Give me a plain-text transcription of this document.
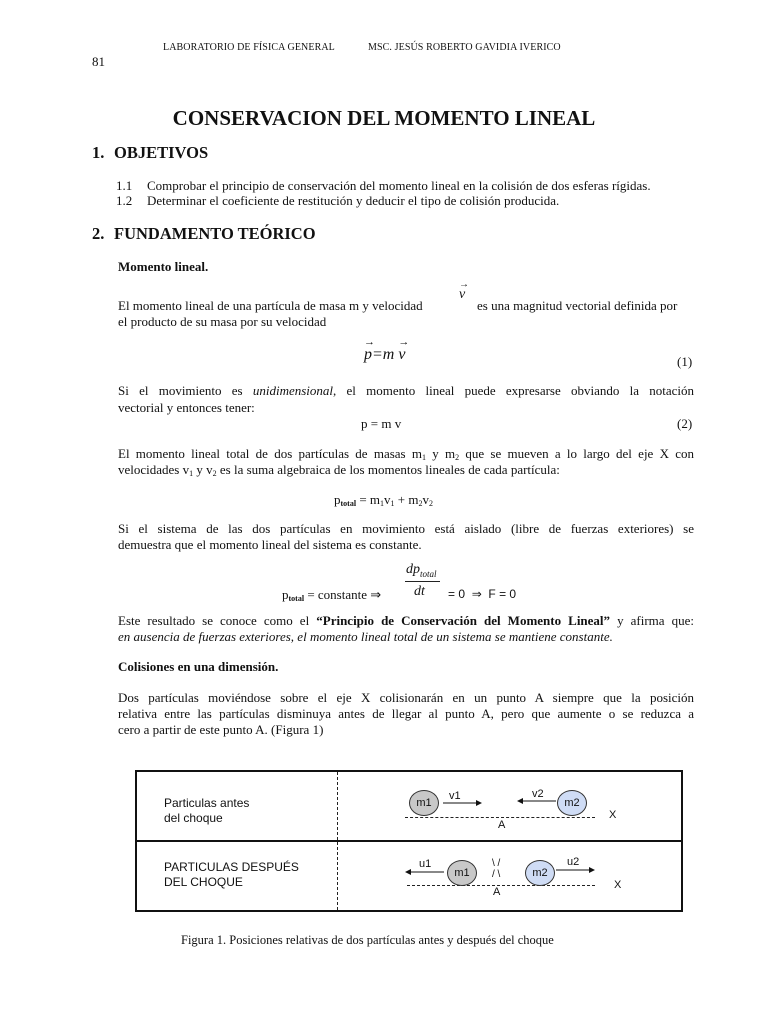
LABORATORIO DE FÍSICA GENERAL	MSC. JESÚS ROBERTO GAVIDIA IVERICO
81
CONSERVACION DEL MOMENTO LINEAL
1. OBJETIVOS
1.1 Comprobar el principio de conservación del momento lineal en la colisión de dos esferas rígidas.
1.2 Determinar el coeficiente de restitución y deducir el tipo de colisión producida.
2. FUNDAMENTO TEÓRICO
Momento lineal.
El momento lineal de una partícula de masa m y velocidad
→
v
es una magnitud vectorial definida por
el producto de su masa por su velocidad
→
p=m
→
v	(1)
Si el movimiento es unidimensional, el momento lineal puede expresarse obviando la notación
vectorial y entonces tener:
p = m v	(2)
El momento lineal total de dos partículas de masas $m_1$ y $m_2$ que se mueven a lo largo del eje X con
velocidades $v_1$ y $v_2$ es la suma algebraica de los momentos lineales de cada partícula:
$p_{total} = m_1v_1 + m_2v_2$
Si el sistema de las dos partículas en movimiento está aislado (libre de fuerzas exteriores) se
demuestra que el momento lineal del sistema es constante.
$p_{total}$ = constante ⇒
$dp_{total}$
dt = 0 ⇒ F = 0
Este resultado se conoce como el “Principio de Conservación del Momento Lineal” y afirma que:
en ausencia de fuerzas exteriores, el momento lineal total de un sistema se mantiene constante.
Colisiones en una dimensión.
Dos partículas moviéndose sobre el eje X colisionarán en un punto A siempre que la posición
relativa entre las partículas disminuya antes de llegar al punto A, pero que aumente o se reduzca a
cero a partir de este punto A. (Figura 1)
Particulas antes
del choque
m1	m2
v1	v2
A
X
PARTICULAS DESPUÉS
DEL CHOQUE
m1	m2
u1	u2
\ /
/ \
A
X
Figura 1. Posiciones relativas de dos partículas antes y después del choque
